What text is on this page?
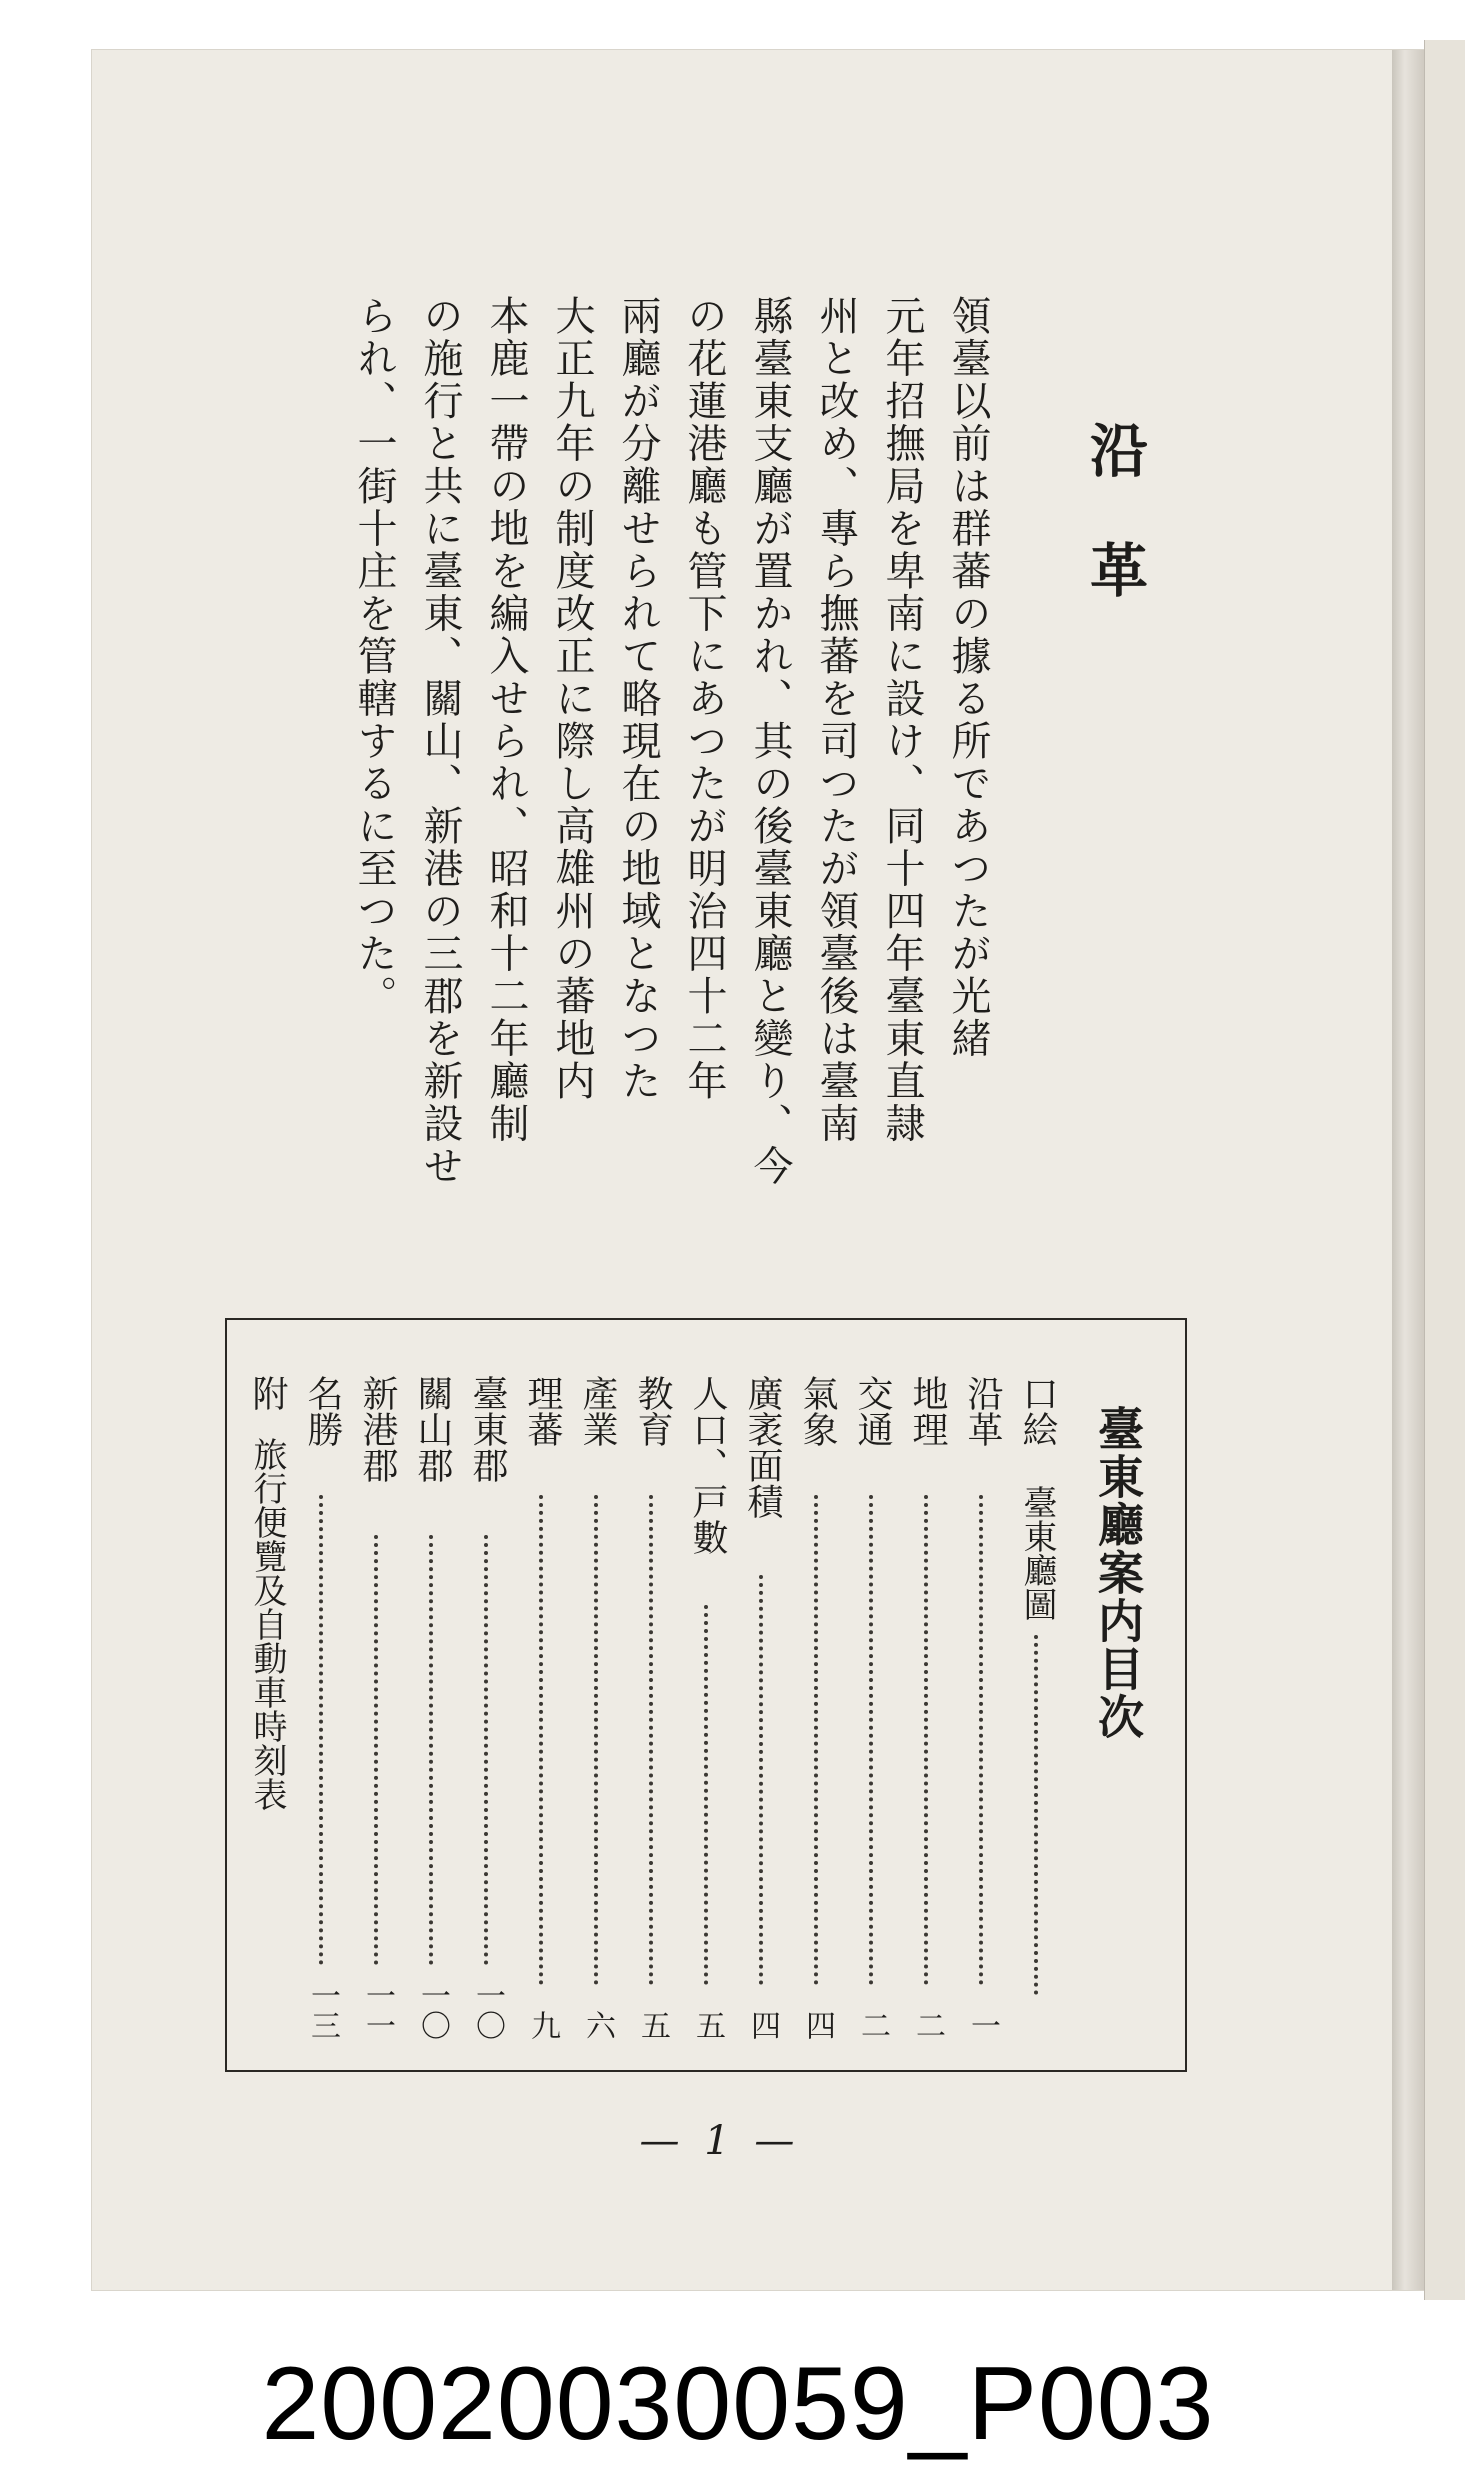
沿革
領臺以前は群蕃の據る所であつたが光緒
元年招撫局を卑南に設け、同十四年臺東直隷
州と改め、專ら撫蕃を司つたが領臺後は臺南
縣臺東支廳が置かれ、其の後臺東廳と變り、今
の花蓮港廳も管下にあつたが明治四十二年
兩廳が分離せられて略現在の地域となつた
大正九年の制度改正に際し高雄州の蕃地内
本鹿一帶の地を編入せられ、昭和十二年廳制
の施行と共に臺東、關山、新港の三郡を新設せ
られ、一街十庄を管轄するに至つた。
臺東廳案内目次
口絵
臺東廳圖
沿革
一
地理
二
交通
二
氣象
四
廣袤面積
四
人口、戸數
五
教育
五
產業
六
理蕃
九
臺東郡
一〇
關山郡
一〇
新港郡
一一
名勝
一三
附
旅行便覽及自動車時刻表
— 1 —
20020030059_P003
